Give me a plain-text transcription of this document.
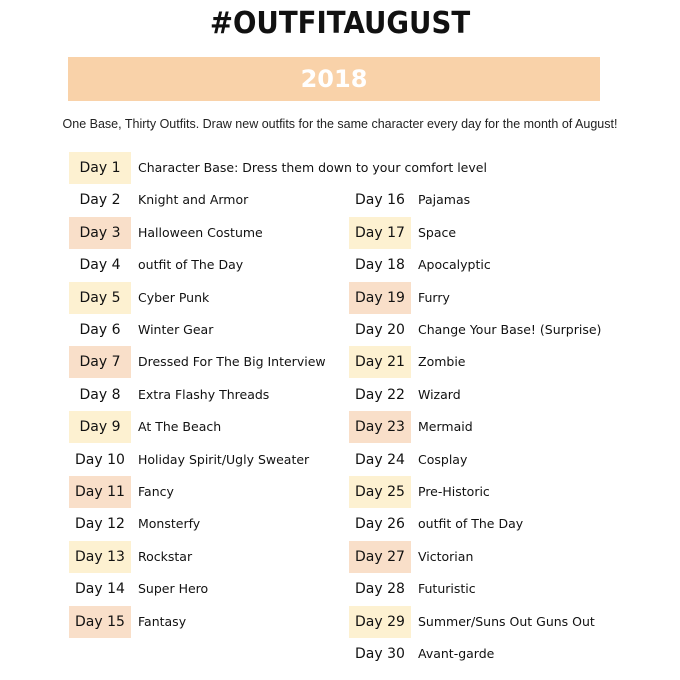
#OUTFITAUGUST
2018
One Base, Thirty Outfits. Draw new outfits for the same character every day for the month of August!
Day 1	Character Base: Dress them down to your comfort level
Day 2	Knight and Armor
Day 3	Halloween Costume
Day 4	outfit of The Day
Day 5	Cyber Punk
Day 6	Winter Gear
Day 7	Dressed For The Big Interview
Day 8	Extra Flashy Threads
Day 9	At The Beach
Day 10	Holiday Spirit/Ugly Sweater
Day 11	Fancy
Day 12	Monsterfy
Day 13	Rockstar
Day 14	Super Hero
Day 15	Fantasy
Day 16	Pajamas
Day 17	Space
Day 18	Apocalyptic
Day 19	Furry
Day 20	Change Your Base! (Surprise)
Day 21	Zombie
Day 22	Wizard
Day 23	Mermaid
Day 24	Cosplay
Day 25	Pre-Historic
Day 26	outfit of The Day
Day 27	Victorian
Day 28	Futuristic
Day 29	Summer/Suns Out Guns Out
Day 30	Avant-garde
